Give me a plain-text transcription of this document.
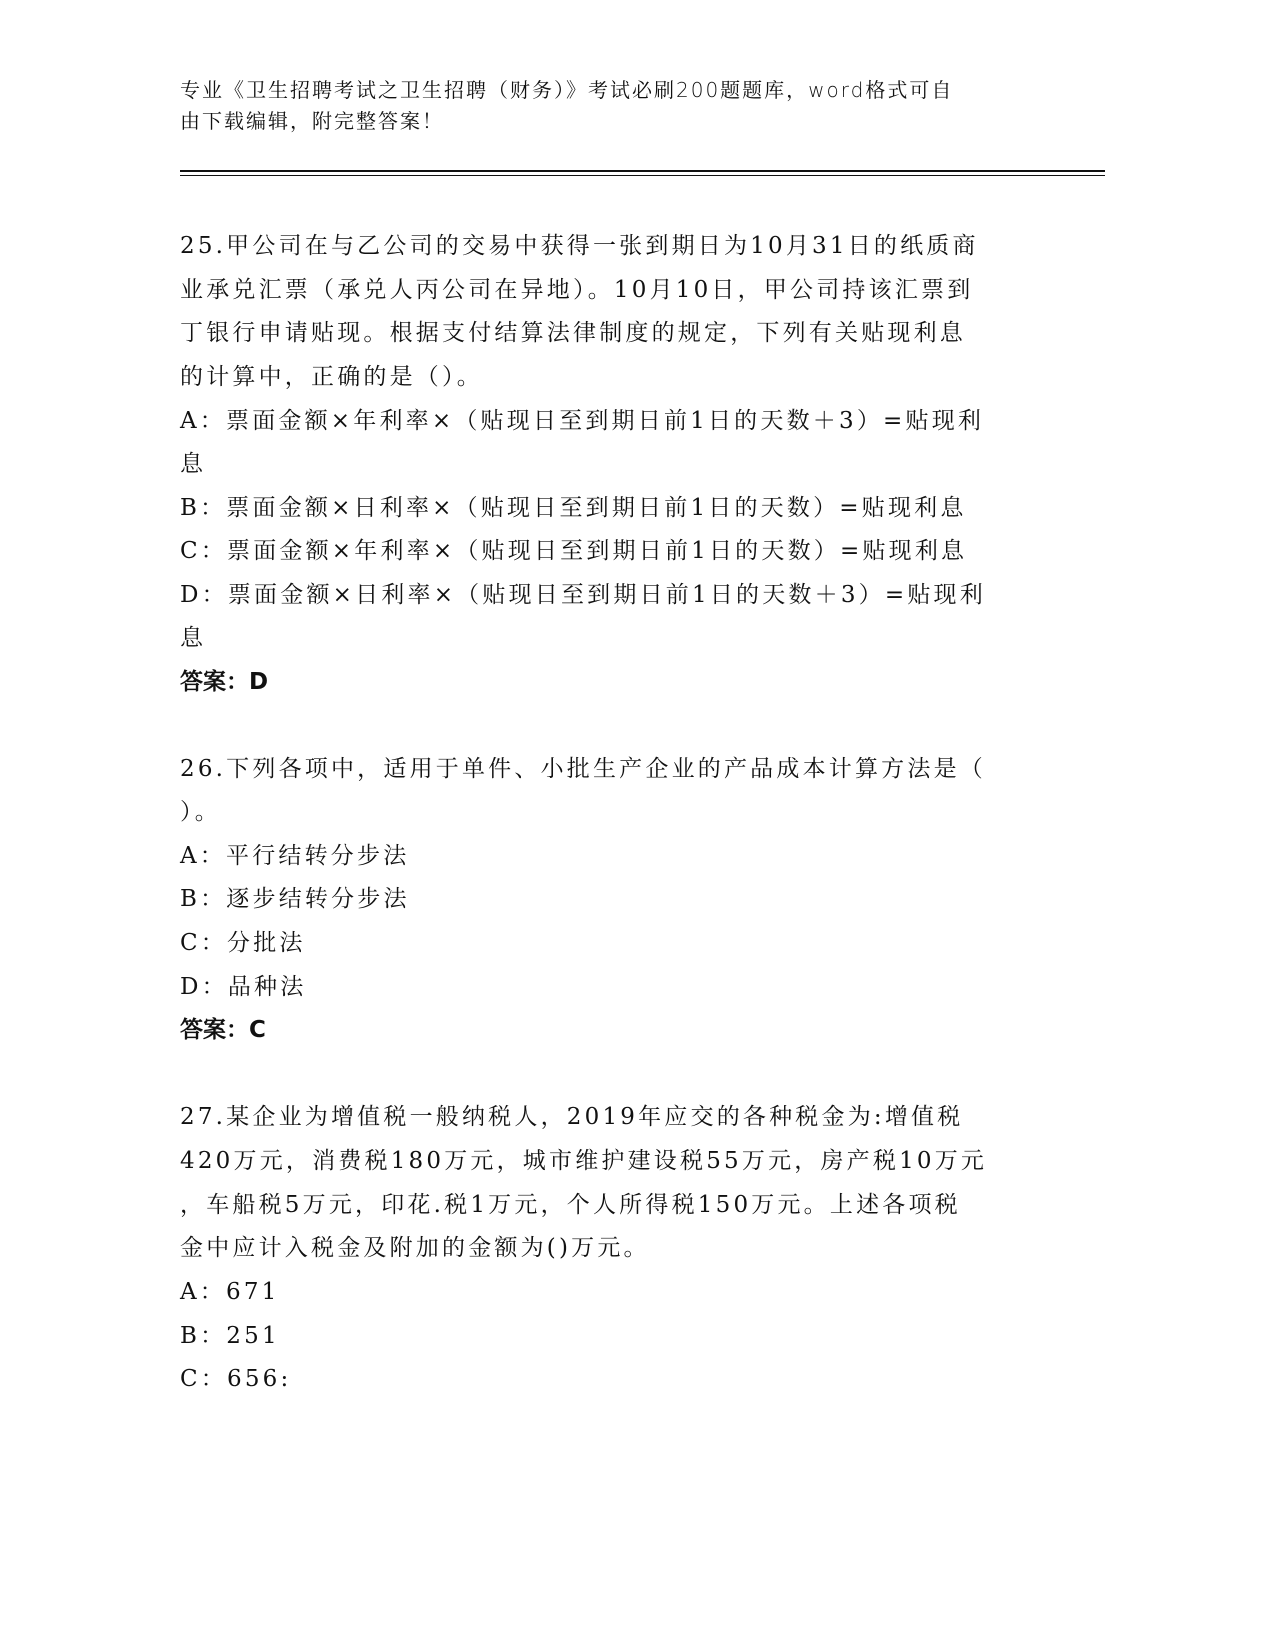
专业《卫生招聘考试之卫生招聘（财务）》考试必刷200题题库，word格式可自
由下载编辑，附完整答案！
25.甲公司在与乙公司的交易中获得一张到期日为10月31日的纸质商
业承兑汇票（承兑人丙公司在异地）。10月10日，甲公司持该汇票到
丁银行申请贴现。根据支付结算法律制度的规定，下列有关贴现利息
的计算中，正确的是（）。
A：票面金额×年利率×（贴现日至到期日前1日的天数＋3）=贴现利
息
B：票面金额×日利率×（贴现日至到期日前1日的天数）=贴现利息
C：票面金额×年利率×（贴现日至到期日前1日的天数）=贴现利息
D：票面金额×日利率×（贴现日至到期日前1日的天数＋3）=贴现利
息
答案：D
26.下列各项中，适用于单件、小批生产企业的产品成本计算方法是（
）。
A：平行结转分步法
B：逐步结转分步法
C：分批法
D：品种法
答案：C
27.某企业为增值税一般纳税人，2019年应交的各种税金为:增值税
420万元，消费税180万元，城市维护建设税55万元，房产税10万元
，车船税5万元，印花.税1万元，个人所得税150万元。上述各项税
金中应计入税金及附加的金额为()万元。
A：671
B：251
C：656:
